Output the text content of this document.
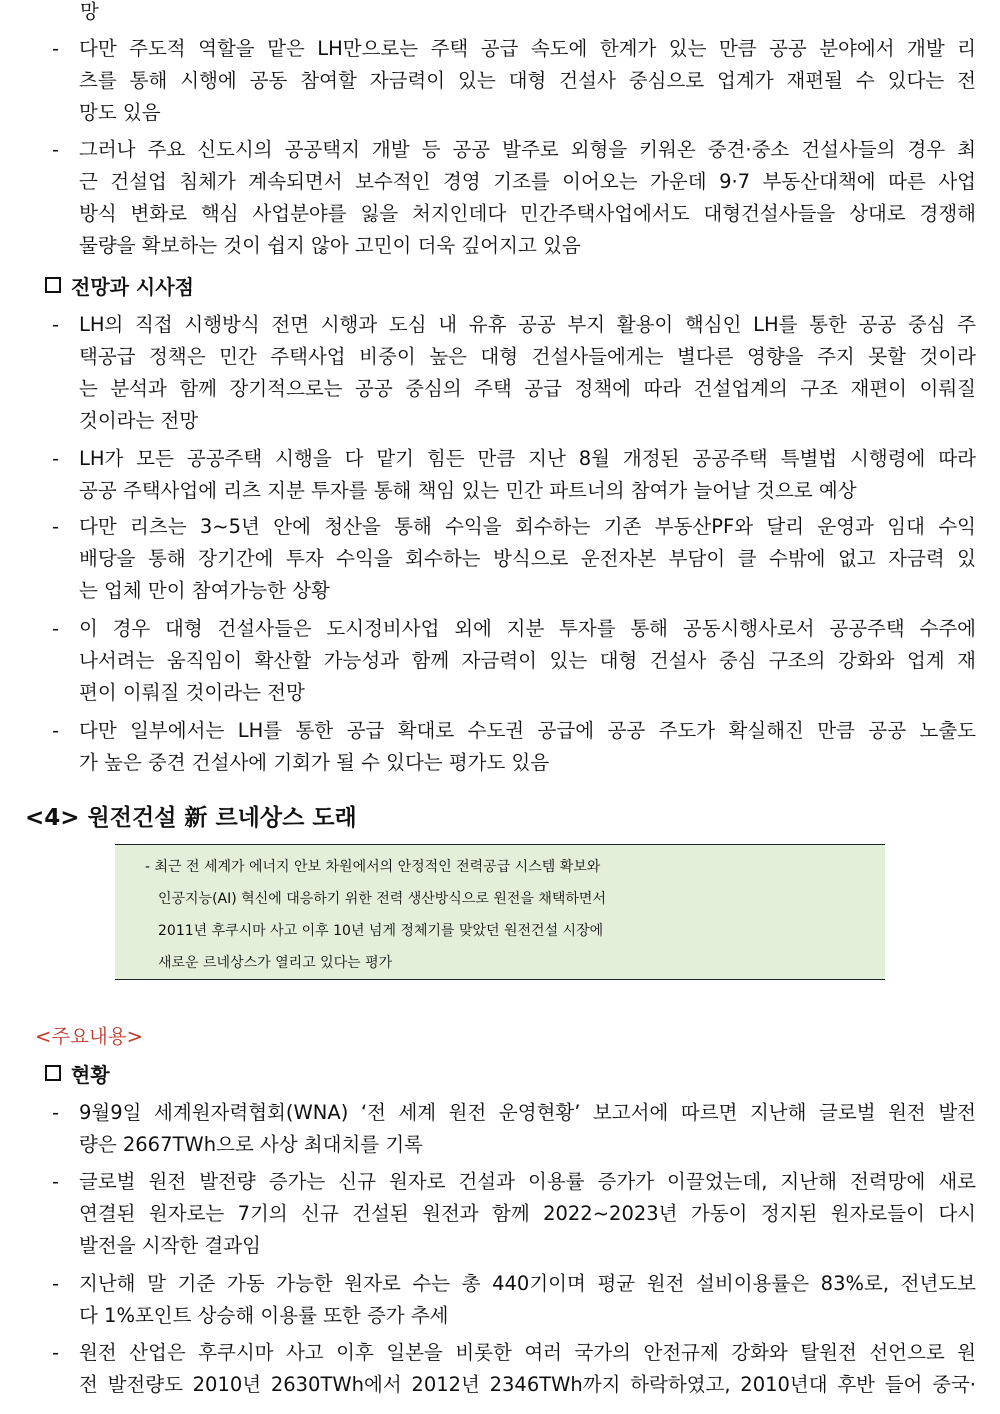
망
- 다만 주도적 역할을 맡은 LH만으로는 주택 공급 속도에 한계가 있는 만큼 공공 분야에서 개발 리
츠를 통해 시행에 공동 참여할 자금력이 있는 대형 건설사 중심으로 업계가 재편될 수 있다는 전
망도 있음
- 그러나 주요 신도시의 공공택지 개발 등 공공 발주로 외형을 키워온 중견·중소 건설사들의 경우 최
근 건설업 침체가 계속되면서 보수적인 경영 기조를 이어오는 가운데 9·7 부동산대책에 따른 사업
방식 변화로 핵심 사업분야를 잃을 처지인데다 민간주택사업에서도 대형건설사들을 상대로 경쟁해
물량을 확보하는 것이 쉽지 않아 고민이 더욱 깊어지고 있음
전망과 시사점
- LH의 직접 시행방식 전면 시행과 도심 내 유휴 공공 부지 활용이 핵심인 LH를 통한 공공 중심 주
택공급 정책은 민간 주택사업 비중이 높은 대형 건설사들에게는 별다른 영향을 주지 못할 것이라
는 분석과 함께 장기적으로는 공공 중심의 주택 공급 정책에 따라 건설업계의 구조 재편이 이뤄질
것이라는 전망
- LH가 모든 공공주택 시행을 다 맡기 힘든 만큼 지난 8월 개정된 공공주택 특별법 시행령에 따라
공공 주택사업에 리츠 지분 투자를 통해 책임 있는 민간 파트너의 참여가 늘어날 것으로 예상
- 다만 리츠는 3~5년 안에 청산을 통해 수익을 회수하는 기존 부동산PF와 달리 운영과 임대 수익
배당을 통해 장기간에 투자 수익을 회수하는 방식으로 운전자본 부담이 클 수밖에 없고 자금력 있
는 업체 만이 참여가능한 상황
- 이 경우 대형 건설사들은 도시정비사업 외에 지분 투자를 통해 공동시행사로서 공공주택 수주에
나서려는 움직임이 확산할 가능성과 함께 자금력이 있는 대형 건설사 중심 구조의 강화와 업계 재
편이 이뤄질 것이라는 전망
- 다만 일부에서는 LH를 통한 공급 확대로 수도권 공급에 공공 주도가 확실해진 만큼 공공 노출도
가 높은 중견 건설사에 기회가 될 수 있다는 평가도 있음
<4> 원전건설 新 르네상스 도래
- 최근 전 세계가 에너지 안보 차원에서의 안정적인 전력공급 시스템 확보와
인공지능(AI) 혁신에 대응하기 위한 전력 생산방식으로 원전을 채택하면서
2011년 후쿠시마 사고 이후 10년 넘게 정체기를 맞았던 원전건설 시장에
새로운 르네상스가 열리고 있다는 평가
<주요내용>
현황
- 9월9일 세계원자력협회(WNA) ‘전 세계 원전 운영현황’ 보고서에 따르면 지난해 글로벌 원전 발전
량은 2667TWh으로 사상 최대치를 기록
- 글로벌 원전 발전량 증가는 신규 원자로 건설과 이용률 증가가 이끌었는데, 지난해 전력망에 새로
연결된 원자로는 7기의 신규 건설된 원전과 함께 2022~2023년 가동이 정지된 원자로들이 다시
발전을 시작한 결과임
- 지난해 말 기준 가동 가능한 원자로 수는 총 440기이며 평균 원전 설비이용률은 83%로, 전년도보
다 1%포인트 상승해 이용률 또한 증가 추세
- 원전 산업은 후쿠시마 사고 이후 일본을 비롯한 여러 국가의 안전규제 강화와 탈원전 선언으로 원
전 발전량도 2010년 2630TWh에서 2012년 2346TWh까지 하락하였고, 2010년대 후반 들어 중국·
